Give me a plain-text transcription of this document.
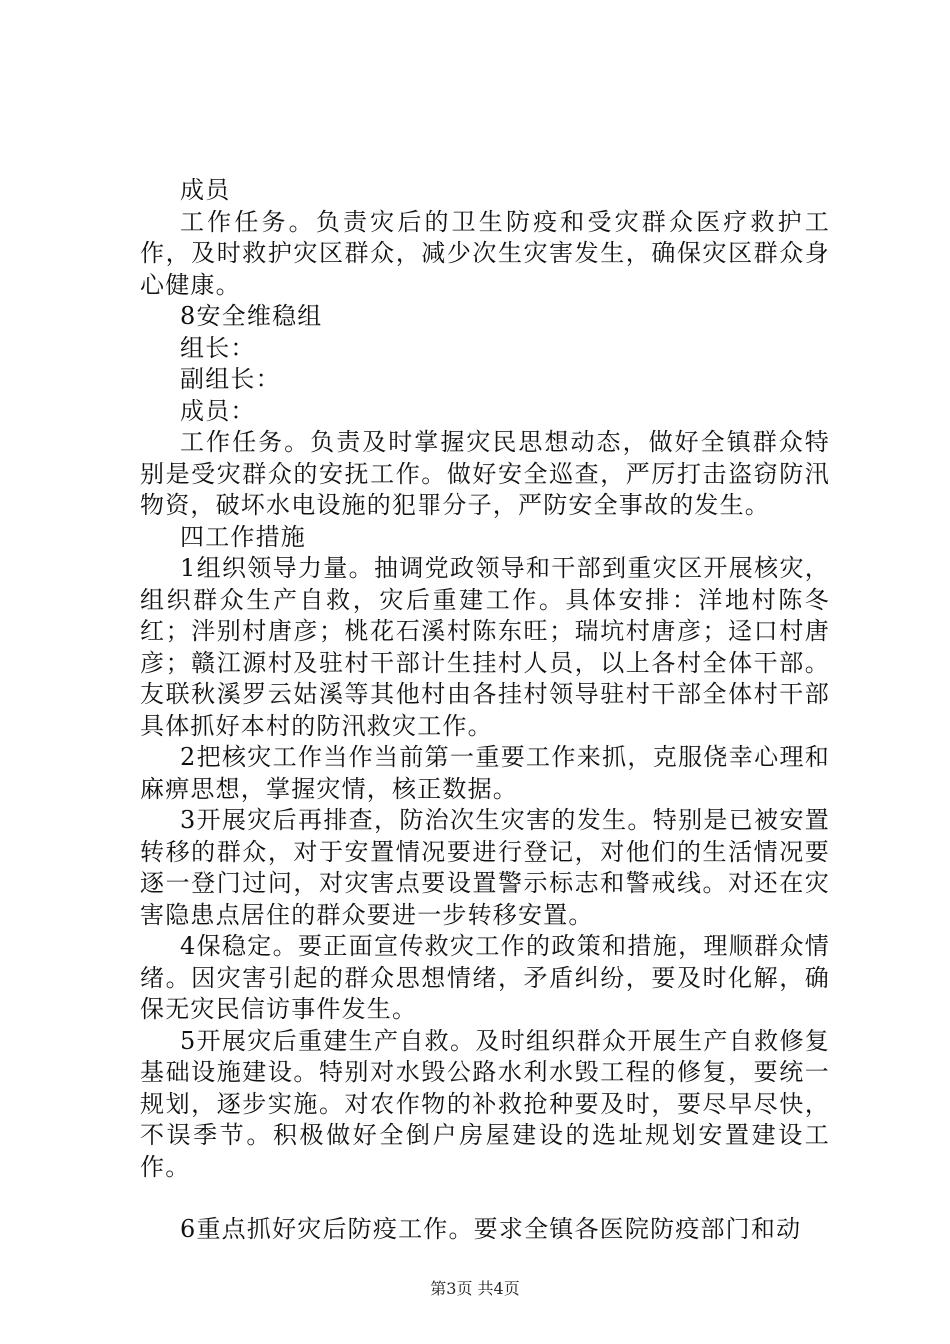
成员

工作任务。负责灾后的卫生防疫和受灾群众医疗救护工作，及时救护灾区群众，减少次生灾害发生，确保灾区群众身心健康。

8安全维稳组

组长：

副组长：

成员：

工作任务。负责及时掌握灾民思想动态，做好全镇群众特别是受灾群众的安抚工作。做好安全巡查，严厉打击盗窃防汛物资，破坏水电设施的犯罪分子，严防安全事故的发生。

四工作措施

1组织领导力量。抽调党政领导和干部到重灾区开展核灾，组织群众生产自救，灾后重建工作。具体安排：洋地村陈冬红；泮别村唐彦；桃花石溪村陈东旺；瑞坑村唐彦；迳口村唐彦；赣江源村及驻村干部计生挂村人员，以上各村全体干部。友联秋溪罗云姑溪等其他村由各挂村领导驻村干部全体村干部具体抓好本村的防汛救灾工作。

2把核灾工作当作当前第一重要工作来抓，克服侥幸心理和麻痹思想，掌握灾情，核正数据。

3开展灾后再排查，防治次生灾害的发生。特别是已被安置转移的群众，对于安置情况要进行登记，对他们的生活情况要逐一登门过问，对灾害点要设置警示标志和警戒线。对还在灾害隐患点居住的群众要进一步转移安置。

4保稳定。要正面宣传救灾工作的政策和措施，理顺群众情绪。因灾害引起的群众思想情绪，矛盾纠纷，要及时化解，确保无灾民信访事件发生。

5开展灾后重建生产自救。及时组织群众开展生产自救修复基础设施建设。特别对水毁公路水利水毁工程的修复，要统一规划，逐步实施。对农作物的补救抢种要及时，要尽早尽快，不误季节。积极做好全倒户房屋建设的选址规划安置建设工作。

6重点抓好灾后防疫工作。要求全镇各医院防疫部门和动

第3页 共4页
